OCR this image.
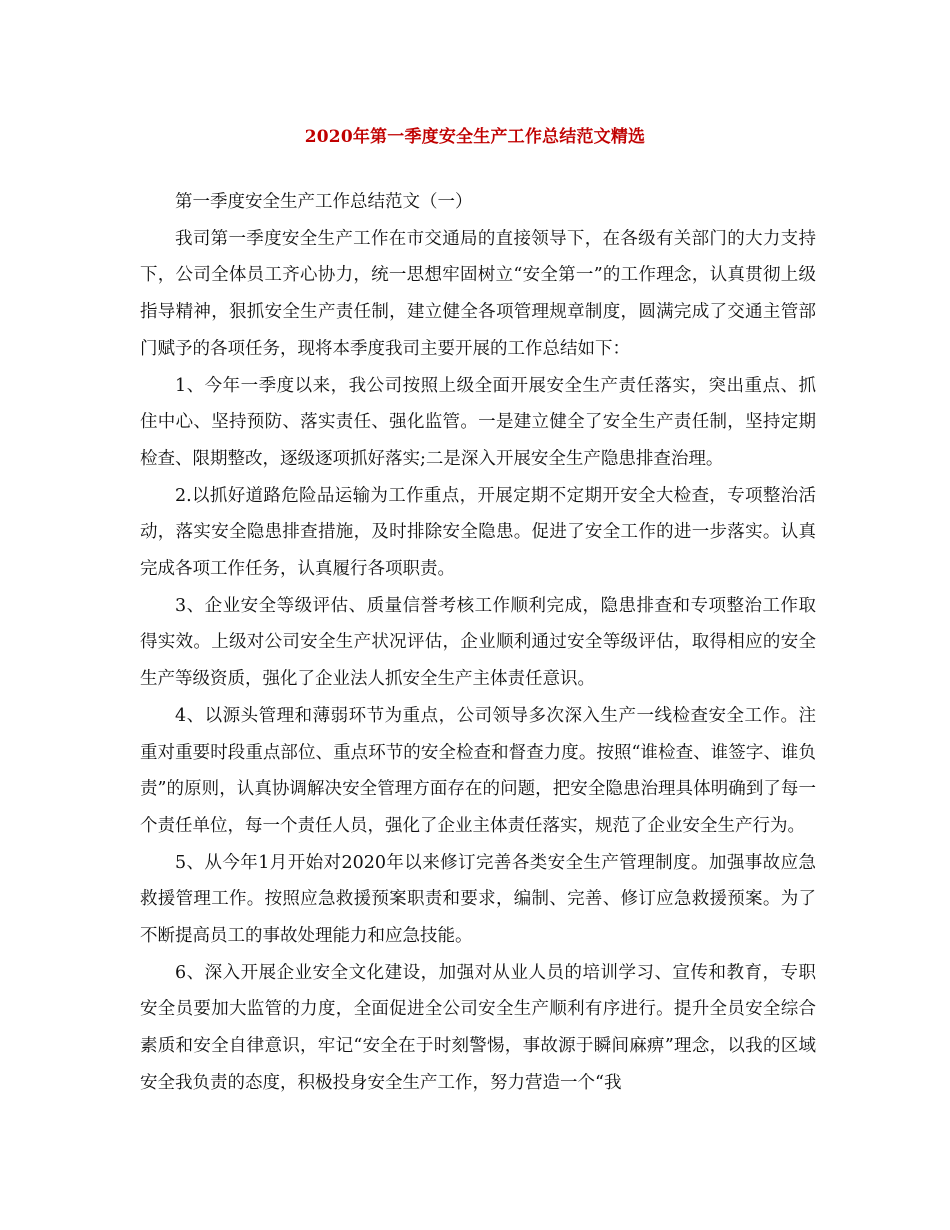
2020年第一季度安全生产工作总结范文精选

第一季度安全生产工作总结范文（一）

我司第一季度安全生产工作在市交通局的直接领导下，在各级有关部门的大力支持下，公司全体员工齐心协力，统一思想牢固树立“安全第一”的工作理念，认真贯彻上级指导精神，狠抓安全生产责任制，建立健全各项管理规章制度，圆满完成了交通主管部门赋予的各项任务，现将本季度我司主要开展的工作总结如下：

1、今年一季度以来，我公司按照上级全面开展安全生产责任落实，突出重点、抓住中心、坚持预防、落实责任、强化监管。一是建立健全了安全生产责任制，坚持定期检查、限期整改，逐级逐项抓好落实;二是深入开展安全生产隐患排查治理。

2.以抓好道路危险品运输为工作重点，开展定期不定期开安全大检查，专项整治活动，落实安全隐患排查措施，及时排除安全隐患。促进了安全工作的进一步落实。认真完成各项工作任务，认真履行各项职责。

3、企业安全等级评估、质量信誉考核工作顺利完成，隐患排查和专项整治工作取得实效。上级对公司安全生产状况评估，企业顺利通过安全等级评估，取得相应的安全生产等级资质，强化了企业法人抓安全生产主体责任意识。

4、以源头管理和薄弱环节为重点，公司领导多次深入生产一线检查安全工作。注重对重要时段重点部位、重点环节的安全检查和督查力度。按照“谁检查、谁签字、谁负责”的原则，认真协调解决安全管理方面存在的问题，把安全隐患治理具体明确到了每一个责任单位，每一个责任人员，强化了企业主体责任落实，规范了企业安全生产行为。

5、从今年1月开始对2020年以来修订完善各类安全生产管理制度。加强事故应急救援管理工作。按照应急救援预案职责和要求，编制、完善、修订应急救援预案。为了不断提高员工的事故处理能力和应急技能。

6、深入开展企业安全文化建设，加强对从业人员的培训学习、宣传和教育，专职安全员要加大监管的力度，全面促进全公司安全生产顺利有序进行。提升全员安全综合素质和安全自律意识，牢记“安全在于时刻警惕，事故源于瞬间麻痹”理念，以我的区域安全我负责的态度，积极投身安全生产工作，努力营造一个“我
